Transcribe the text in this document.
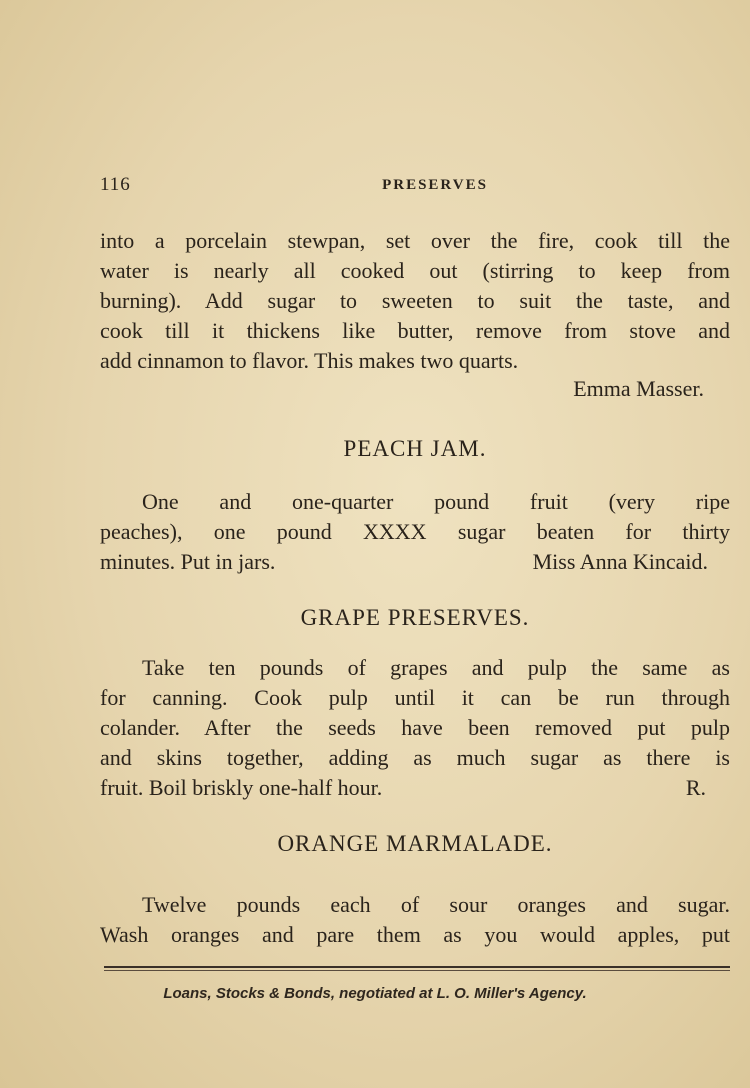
116	PRESERVES
into a porcelain stewpan, set over the fire, cook till the
water is nearly all cooked out (stirring to keep from
burning). Add sugar to sweeten to suit the taste, and
cook till it thickens like butter, remove from stove and
add cinnamon to flavor. This makes two quarts.
Emma Masser.
PEACH JAM.
One and one-quarter pound fruit (very ripe
peaches), one pound XXXX sugar beaten for thirty
minutes. Put in jars.	Miss Anna Kincaid.
GRAPE PRESERVES.
Take ten pounds of grapes and pulp the same as
for canning. Cook pulp until it can be run through
colander. After the seeds have been removed put pulp
and skins together, adding as much sugar as there is
fruit. Boil briskly one-half hour.	R.
ORANGE MARMALADE.
Twelve pounds each of sour oranges and sugar.
Wash oranges and pare them as you would apples, put
Loans, Stocks & Bonds, negotiated at L. O. Miller's Agency.
